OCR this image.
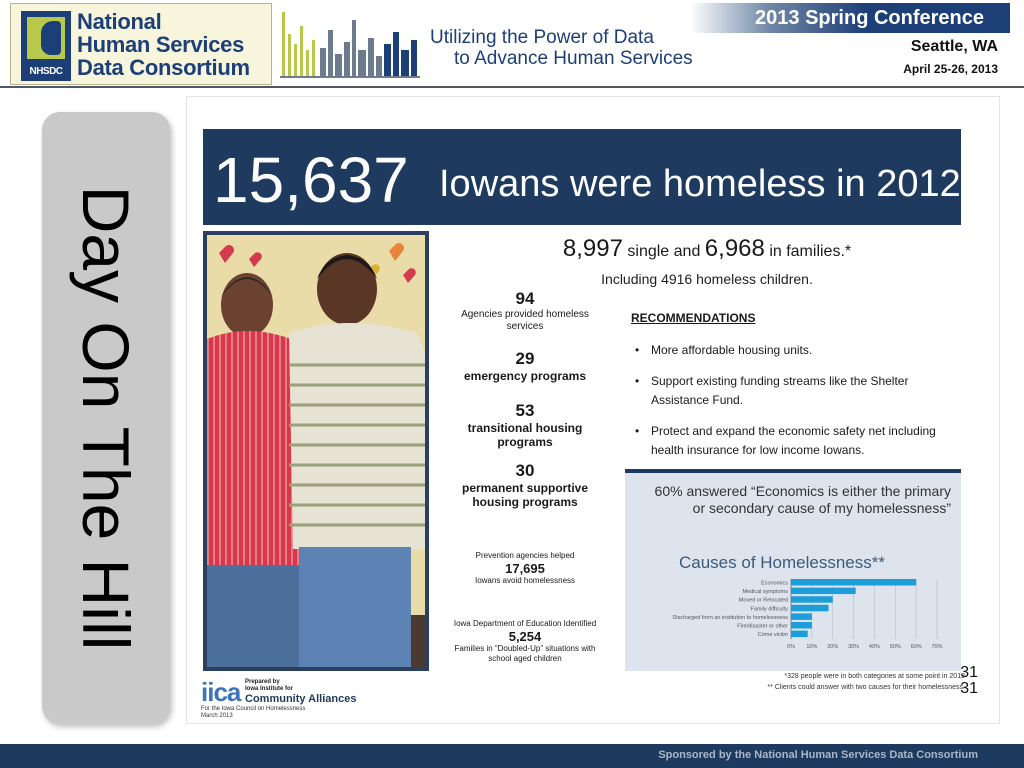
NHSDC
National
Human Services
Data Consortium
Utilizing the Power of Data
to Advance Human Services
2013 Spring Conference
Seattle, WA
April 25-26, 2013
Day On The Hill
15,637 Iowans were homeless in 2012
8,997 single and 6,968 in families.*
Including 4916 homeless children.
94
Agencies provided homeless services
29
emergency programs
53
transitional housing programs
30
permanent supportive housing programs
Prevention agencies helped
17,695
Iowans avoid homelessness
Iowa Department of Education Identified
5,254
Families in “Doubled-Up” situations with school aged children
RECOMMENDATIONS
• More affordable housing units.
• Support existing funding streams like the Shelter Assistance Fund.
• Protect and expand the economic safety net including health insurance for low income Iowans.
60% answered “Economics is either the primary or secondary cause of my homelessness”
Causes of Homelessness**
0% 10% 20% 30% 40% 50% 60% 70%
Economics
Medical symptoms
Moved or Relocated
Family difficulty
Discharged from an institution to homelessness
Fire/disaster or other
Crime victim
*328 people were in both categories at some point in 2012
** Clients could answer with two causes for their homelessness.
iica Prepared by
Iowa Institute for
Community Alliances
For the Iowa Council on Homelessness
March 2013
31
31
Sponsored by the National Human Services Data Consortium
